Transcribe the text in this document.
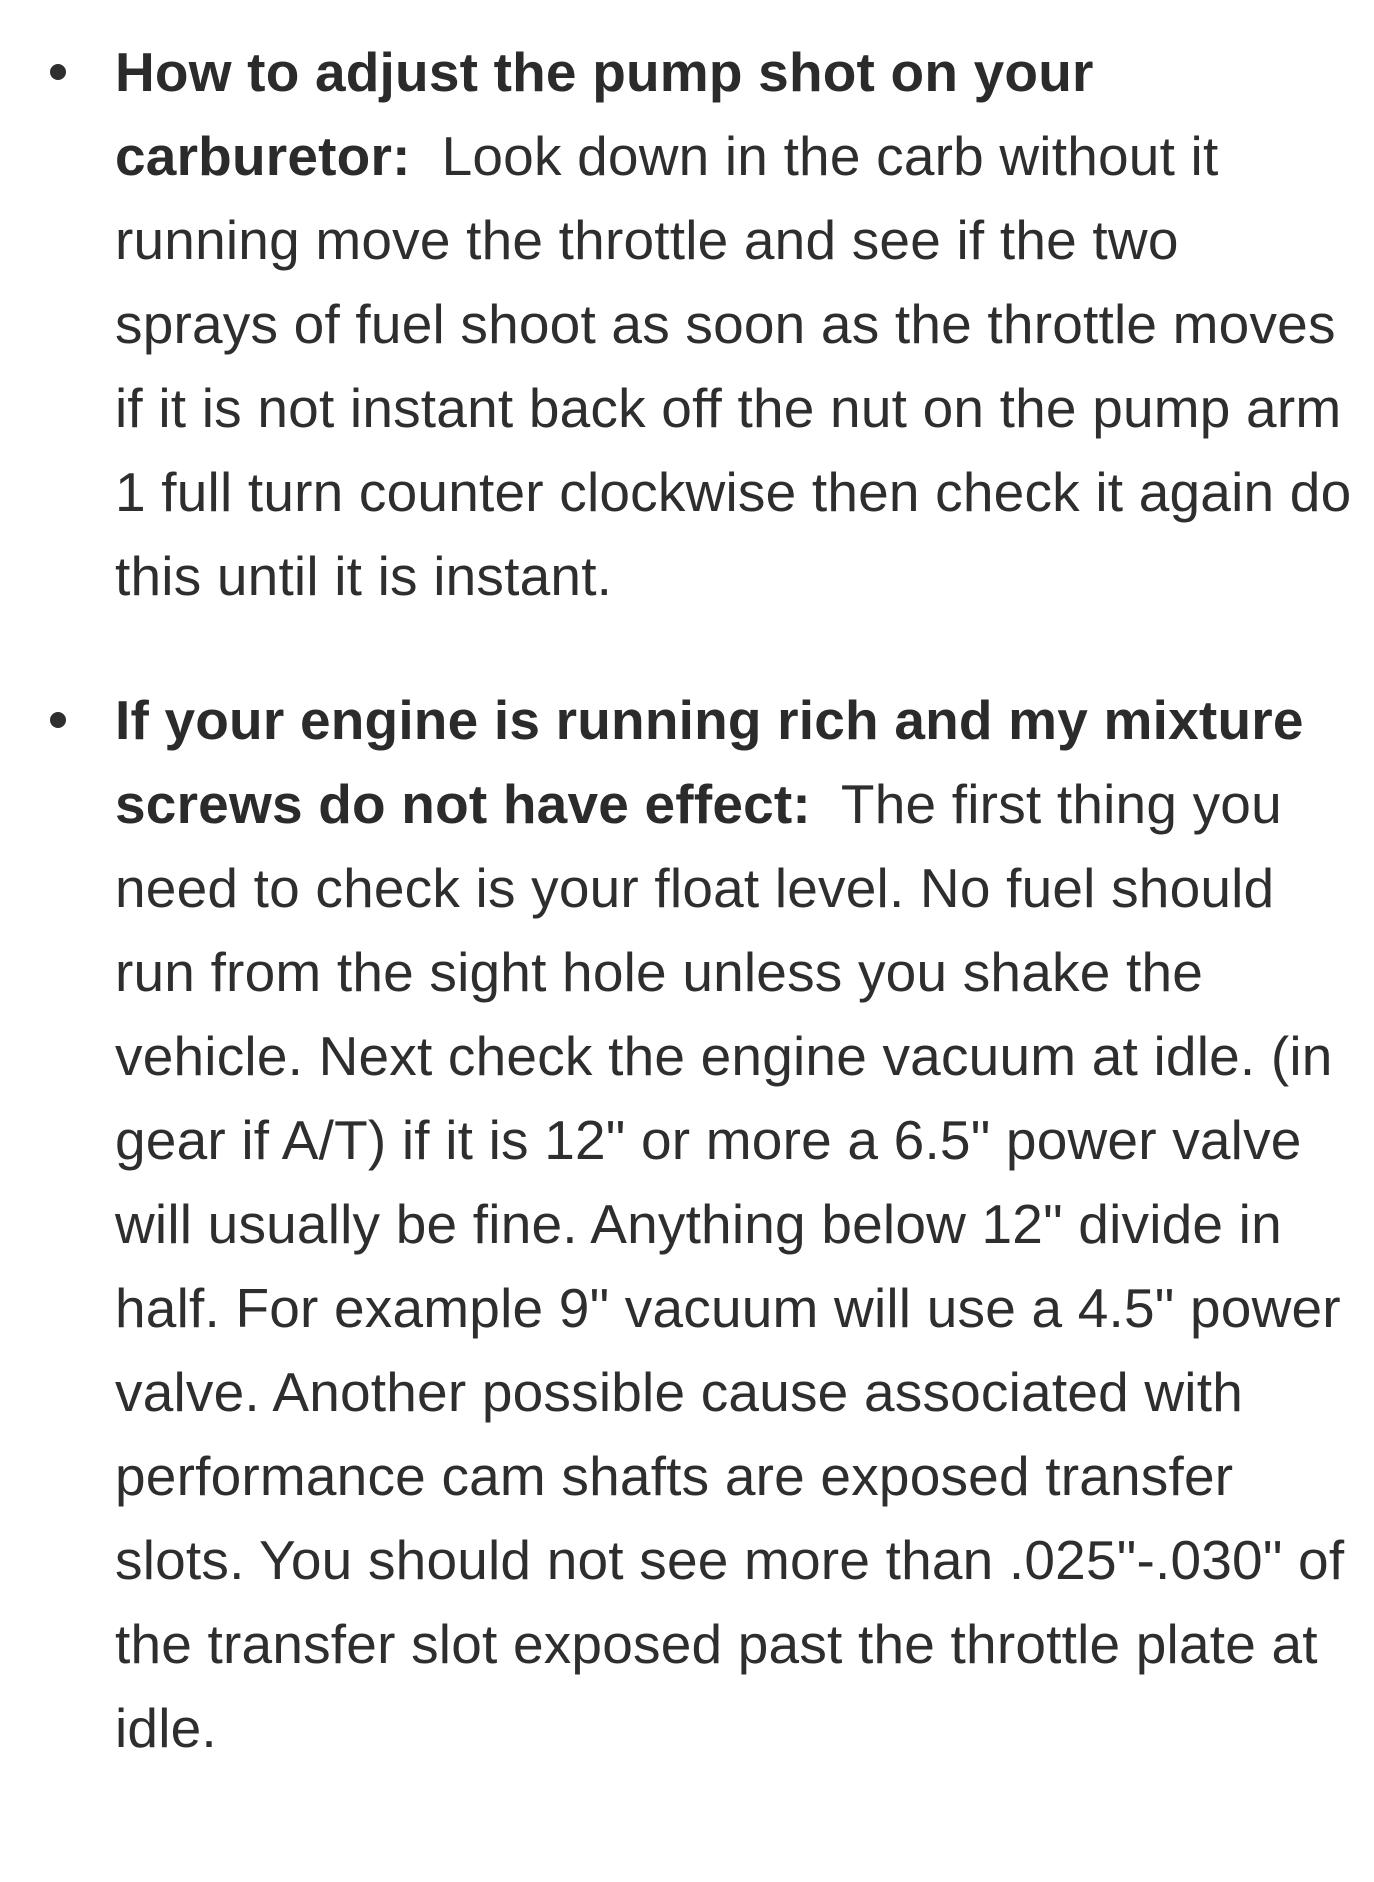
How to adjust the pump shot on your carburetor: Look down in the carb without it running move the throttle and see if the two sprays of fuel shoot as soon as the throttle moves if it is not instant back off the nut on the pump arm 1 full turn counter clockwise then check it again do this until it is instant.
If your engine is running rich and my mixture screws do not have effect: The first thing you need to check is your float level. No fuel should run from the sight hole unless you shake the vehicle. Next check the engine vacuum at idle. (in gear if A/T) if it is 12" or more a 6.5" power valve will usually be fine. Anything below 12" divide in half. For example 9" vacuum will use a 4.5" power valve. Another possible cause associated with performance cam shafts are exposed transfer slots. You should not see more than .025"-.030" of the transfer slot exposed past the throttle plate at idle.
